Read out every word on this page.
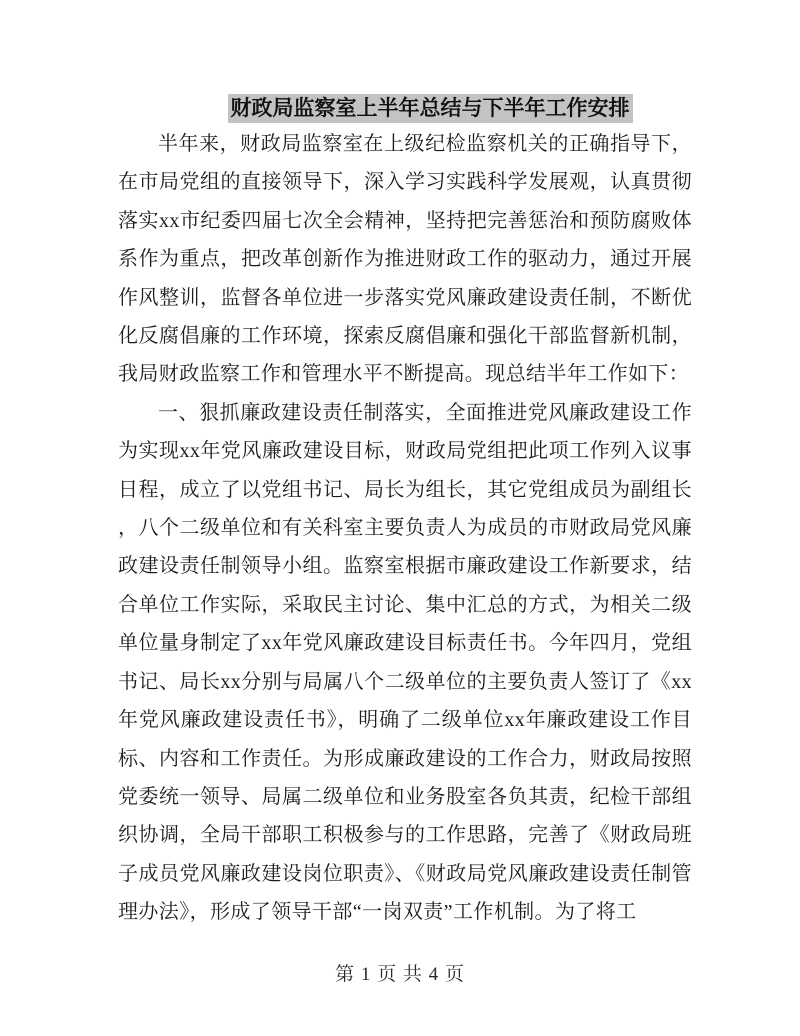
财政局监察室上半年总结与下半年工作安排

半年来，财政局监察室在上级纪检监察机关的正确指导下，在市局党组的直接领导下，深入学习实践科学发展观，认真贯彻落实xx市纪委四届七次全会精神，坚持把完善惩治和预防腐败体系作为重点，把改革创新作为推进财政工作的驱动力，通过开展作风整训，监督各单位进一步落实党风廉政建设责任制，不断优化反腐倡廉的工作环境，探索反腐倡廉和强化干部监督新机制，我局财政监察工作和管理水平不断提高。现总结半年工作如下：

一、狠抓廉政建设责任制落实，全面推进党风廉政建设工作为实现xx年党风廉政建设目标，财政局党组把此项工作列入议事日程，成立了以党组书记、局长为组长，其它党组成员为副组长，八个二级单位和有关科室主要负责人为成员的市财政局党风廉政建设责任制领导小组。监察室根据市廉政建设工作新要求，结合单位工作实际，采取民主讨论、集中汇总的方式，为相关二级单位量身制定了xx年党风廉政建设目标责任书。今年四月，党组书记、局长xx分别与局属八个二级单位的主要负责人签订了《xx年党风廉政建设责任书》，明确了二级单位xx年廉政建设工作目标、内容和工作责任。为形成廉政建设的工作合力，财政局按照党委统一领导、局属二级单位和业务股室各负其责，纪检干部组织协调，全局干部职工积极参与的工作思路，完善了《财政局班子成员党风廉政建设岗位职责》、《财政局党风廉政建设责任制管理办法》，形成了领导干部“一岗双责”工作机制。为了将工

第 1 页 共 4 页
